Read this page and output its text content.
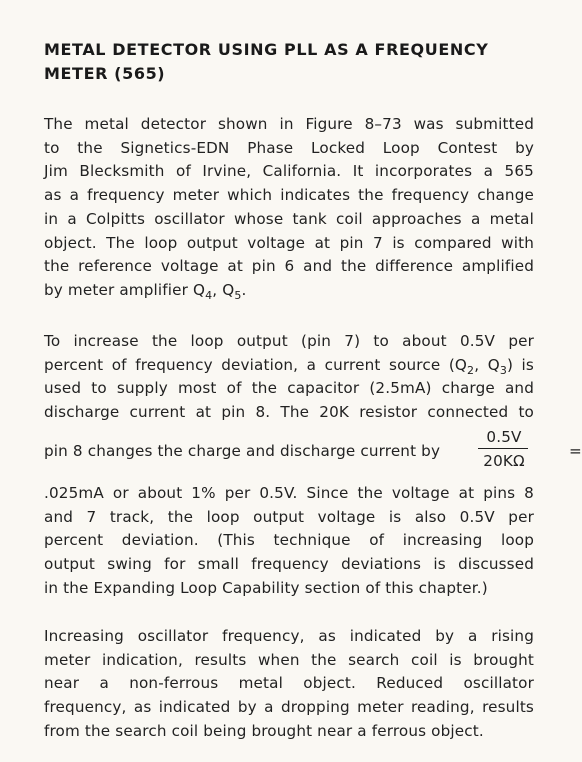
METAL DETECTOR USING PLL AS A FREQUENCY
METER (565)

The metal detector shown in Figure 8–73 was submitted
to the Signetics-EDN Phase Locked Loop Contest by
Jim Blecksmith of Irvine, California. It incorporates a 565
as a frequency meter which indicates the frequency change
in a Colpitts oscillator whose tank coil approaches a metal
object. The loop output voltage at pin 7 is compared with
the reference voltage at pin 6 and the difference amplified
by meter amplifier $Q_4$, $Q_5$.

To increase the loop output (pin 7) to about 0.5V per
percent of frequency deviation, a current source ($Q_2$, $Q_3$) is
used to supply most of the capacitor (2.5mA) charge and
discharge current at pin 8. The 20K resistor connected to

pin 8 changes the charge and discharge current by
0.5V
20KΩ
=

.025mA or about 1% per 0.5V. Since the voltage at pins 8
and 7 track, the loop output voltage is also 0.5V per
percent deviation. (This technique of increasing loop
output swing for small frequency deviations is discussed
in the Expanding Loop Capability section of this chapter.)

Increasing oscillator frequency, as indicated by a rising
meter indication, results when the search coil is brought
near a non-ferrous metal object. Reduced oscillator
frequency, as indicated by a dropping meter reading, results
from the search coil being brought near a ferrous object.
